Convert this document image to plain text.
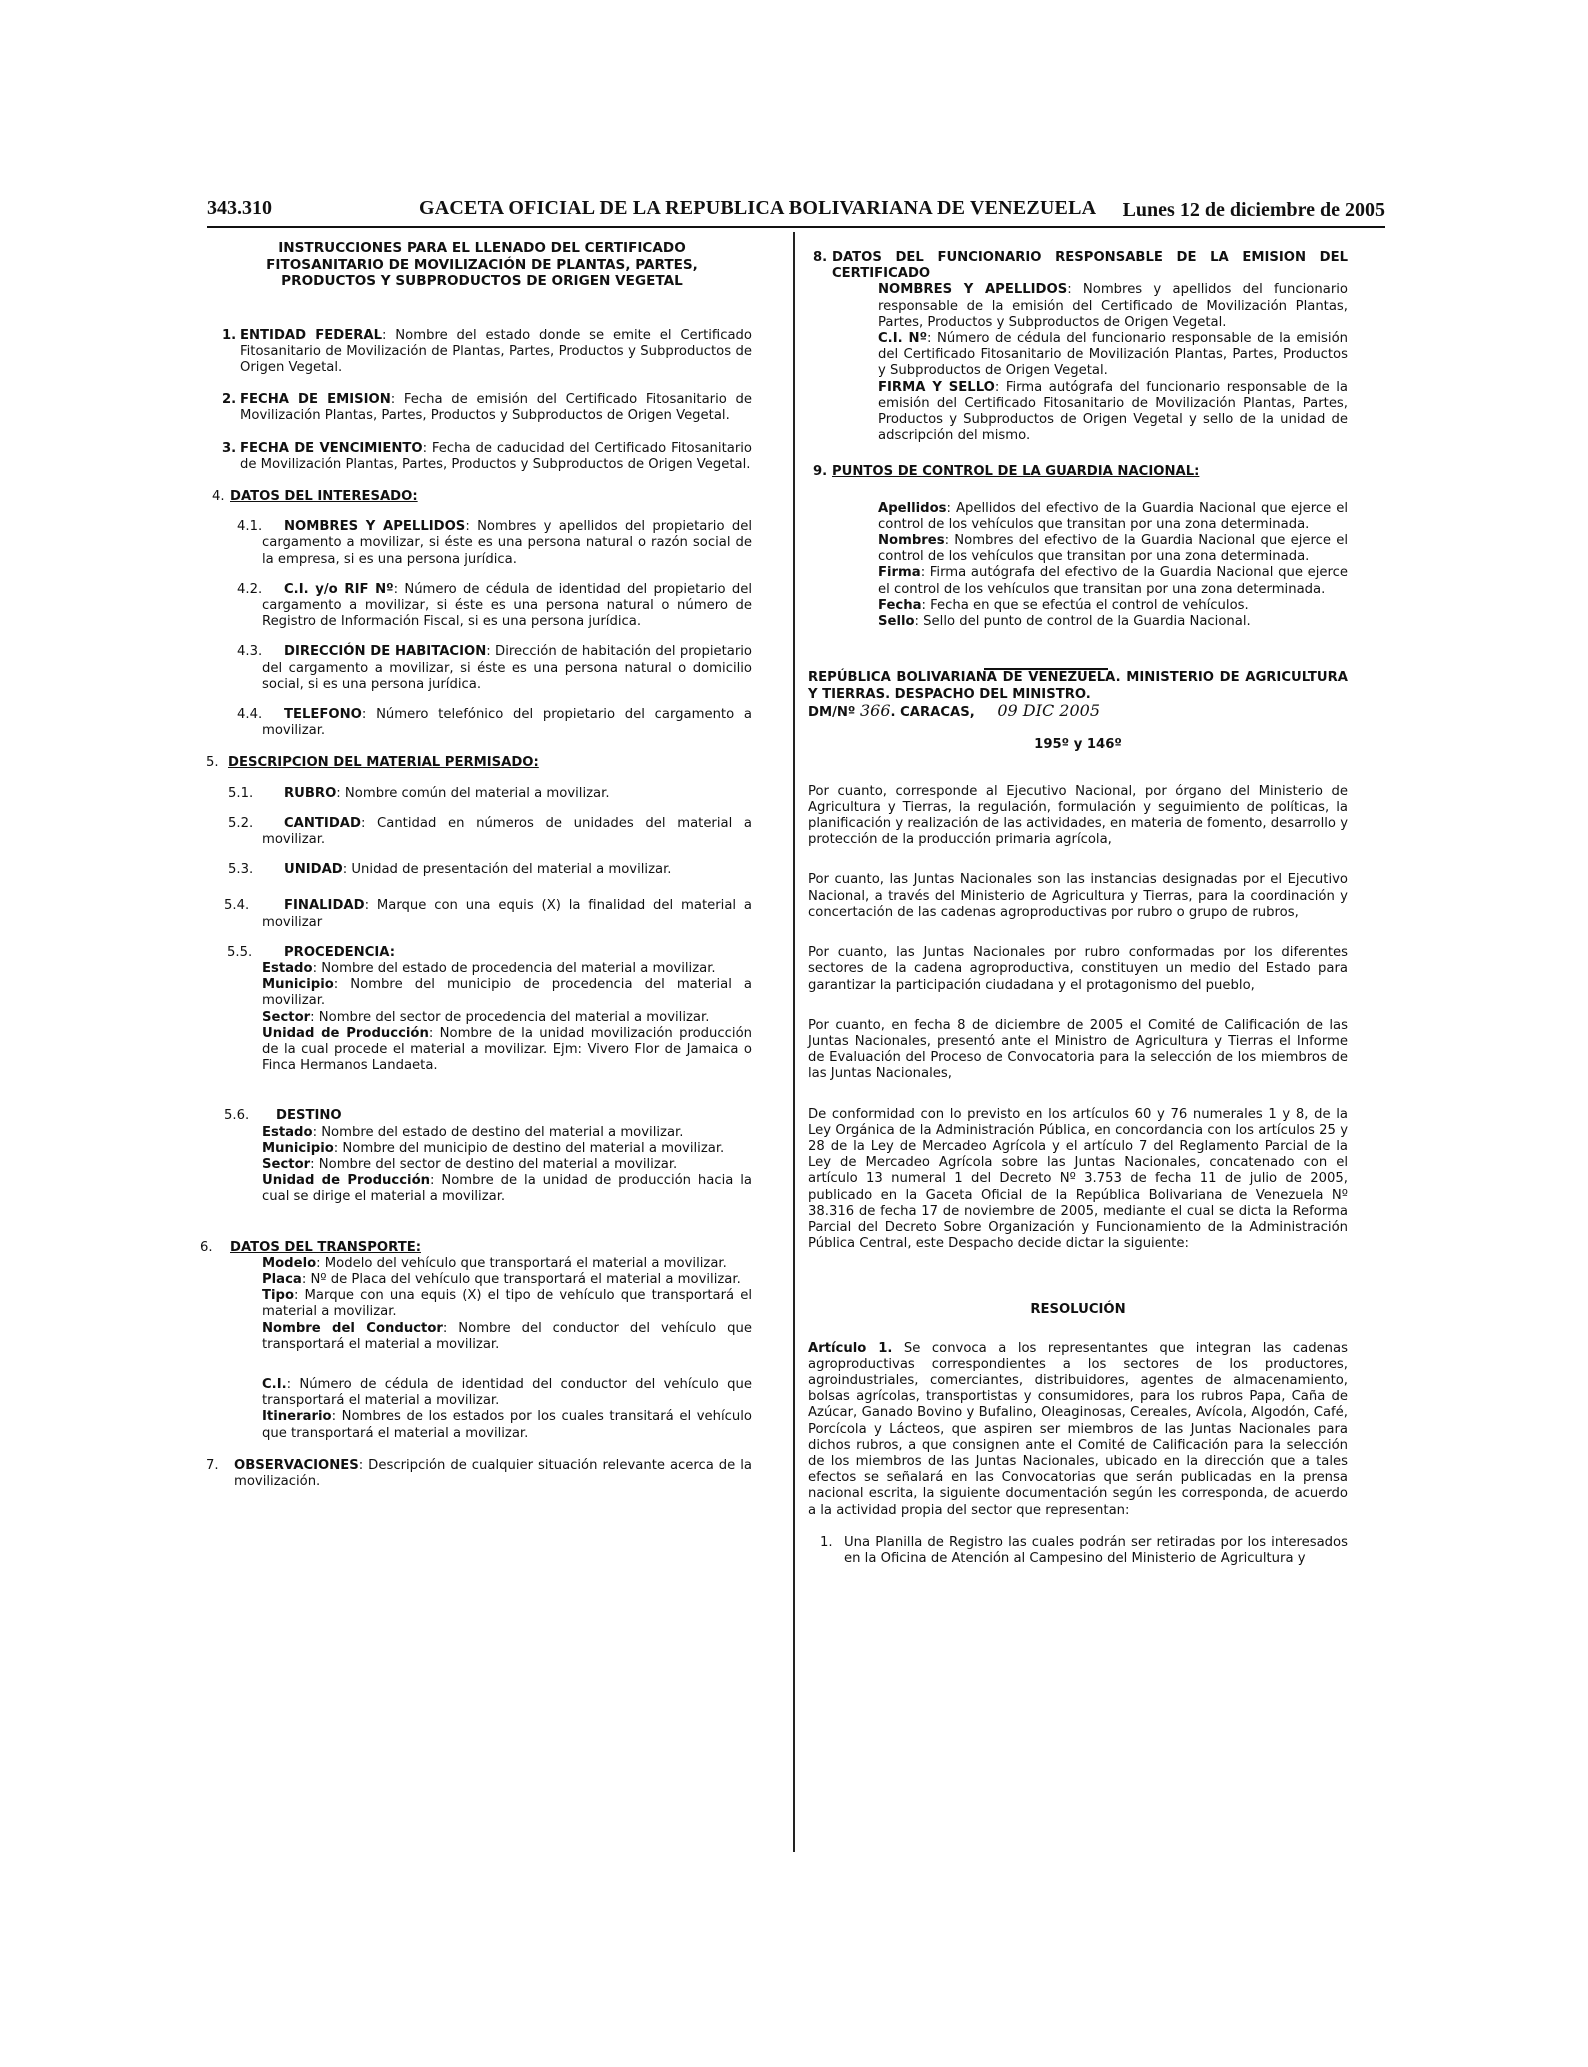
343.310	GACETA OFICIAL DE LA REPUBLICA BOLIVARIANA DE VENEZUELA Lunes 12 de diciembre de 2005

INSTRUCCIONES PARA EL LLENADO DEL CERTIFICADO FITOSANITARIO DE MOVILIZACIÓN DE PLANTAS, PARTES, PRODUCTOS Y SUBPRODUCTOS DE ORIGEN VEGETAL

1. ENTIDAD FEDERAL: Nombre del estado donde se emite el Certificado Fitosanitario de Movilización de Plantas, Partes, Productos y Subproductos de Origen Vegetal.

2. FECHA DE EMISION: Fecha de emisión del Certificado Fitosanitario de Movilización Plantas, Partes, Productos y Subproductos de Origen Vegetal.

3. FECHA DE VENCIMIENTO: Fecha de caducidad del Certificado Fitosanitario de Movilización Plantas, Partes, Productos y Subproductos de Origen Vegetal.

4. DATOS DEL INTERESADO:

4.1.	NOMBRES Y APELLIDOS: Nombres y apellidos del propietario del cargamento a movilizar, si éste es una persona natural o razón social de la empresa, si es una persona jurídica.

4.2.	C.I. y/o RIF Nº: Número de cédula de identidad del propietario del cargamento a movilizar, si éste es una persona natural o número de Registro de Información Fiscal, si es una persona jurídica.

4.3.	DIRECCIÓN DE HABITACION: Dirección de habitación del propietario del cargamento a movilizar, si éste es una persona natural o domicilio social, si es una persona jurídica.

4.4.	TELEFONO: Número telefónico del propietario del cargamento a movilizar.

5. DESCRIPCION DEL MATERIAL PERMISADO:

5.1.	RUBRO: Nombre común del material a movilizar.

5.2.	CANTIDAD: Cantidad en números de unidades del material a movilizar.

5.3.	UNIDAD: Unidad de presentación del material a movilizar.

5.4.	FINALIDAD: Marque con una equis (X) la finalidad del material a movilizar

5.5. PROCEDENCIA:

Estado: Nombre del estado de procedencia del material a movilizar.

Municipio: Nombre del municipio de procedencia del material a movilizar.

Sector: Nombre del sector de procedencia del material a movilizar.

Unidad de Producción: Nombre de la unidad movilización producción de la cual procede el material a movilizar. Ejm: Vivero Flor de Jamaica o Finca Hermanos Landaeta.

5.6. DESTINO

Estado: Nombre del estado de destino del material a movilizar.

Municipio: Nombre del municipio de destino del material a movilizar.

Sector: Nombre del sector de destino del material a movilizar.

Unidad de Producción: Nombre de la unidad de producción hacia la cual se dirige el material a movilizar.

6. DATOS DEL TRANSPORTE:

Modelo: Modelo del vehículo que transportará el material a movilizar.

Placa: Nº de Placa del vehículo que transportará el material a movilizar.

Tipo: Marque con una equis (X) el tipo de vehículo que transportará el material a movilizar.

Nombre del Conductor: Nombre del conductor del vehículo que transportará el material a movilizar.

C.I.: Número de cédula de identidad del conductor del vehículo que transportará el material a movilizar.

Itinerario: Nombres de los estados por los cuales transitará el vehículo que transportará el material a movilizar.

7. OBSERVACIONES: Descripción de cualquier situación relevante acerca de la movilización.

8. DATOS DEL FUNCIONARIO RESPONSABLE DE LA EMISION DEL CERTIFICADO

NOMBRES Y APELLIDOS: Nombres y apellidos del funcionario responsable de la emisión del Certificado de Movilización Plantas, Partes, Productos y Subproductos de Origen Vegetal.

C.I. Nº: Número de cédula del funcionario responsable de la emisión del Certificado Fitosanitario de Movilización Plantas, Partes, Productos y Subproductos de Origen Vegetal.

FIRMA Y SELLO: Firma autógrafa del funcionario responsable de la emisión del Certificado Fitosanitario de Movilización Plantas, Partes, Productos y Subproductos de Origen Vegetal y sello de la unidad de adscripción del mismo.

9. PUNTOS DE CONTROL DE LA GUARDIA NACIONAL:

Apellidos: Apellidos del efectivo de la Guardia Nacional que ejerce el control de los vehículos que transitan por una zona determinada.

Nombres: Nombres del efectivo de la Guardia Nacional que ejerce el control de los vehículos que transitan por una zona determinada.

Firma: Firma autógrafa del efectivo de la Guardia Nacional que ejerce el control de los vehículos que transitan por una zona determinada.

Fecha: Fecha en que se efectúa el control de vehículos.

Sello: Sello del punto de control de la Guardia Nacional.

REPÚBLICA BOLIVARIANA DE VENEZUELA. MINISTERIO DE AGRICULTURA Y TIERRAS. DESPACHO DEL MINISTRO.

DM/Nº 366. CARACAS, 09 DIC 2005

195º y 146º

Por cuanto, corresponde al Ejecutivo Nacional, por órgano del Ministerio de Agricultura y Tierras, la regulación, formulación y seguimiento de políticas, la planificación y realización de las actividades, en materia de fomento, desarrollo y protección de la producción primaria agrícola,

Por cuanto, las Juntas Nacionales son las instancias designadas por el Ejecutivo Nacional, a través del Ministerio de Agricultura y Tierras, para la coordinación y concertación de las cadenas agroproductivas por rubro o grupo de rubros,

Por cuanto, las Juntas Nacionales por rubro conformadas por los diferentes sectores de la cadena agroproductiva, constituyen un medio del Estado para garantizar la participación ciudadana y el protagonismo del pueblo,

Por cuanto, en fecha 8 de diciembre de 2005 el Comité de Calificación de las Juntas Nacionales, presentó ante el Ministro de Agricultura y Tierras el Informe de Evaluación del Proceso de Convocatoria para la selección de los miembros de las Juntas Nacionales,

De conformidad con lo previsto en los artículos 60 y 76 numerales 1 y 8, de la Ley Orgánica de la Administración Pública, en concordancia con los artículos 25 y 28 de la Ley de Mercadeo Agrícola y el artículo 7 del Reglamento Parcial de la Ley de Mercadeo Agrícola sobre las Juntas Nacionales, concatenado con el artículo 13 numeral 1 del Decreto Nº 3.753 de fecha 11 de julio de 2005, publicado en la Gaceta Oficial de la República Bolivariana de Venezuela Nº 38.316 de fecha 17 de noviembre de 2005, mediante el cual se dicta la Reforma Parcial del Decreto Sobre Organización y Funcionamiento de la Administración Pública Central, este Despacho decide dictar la siguiente:

RESOLUCIÓN

Artículo 1. Se convoca a los representantes que integran las cadenas agroproductivas correspondientes a los sectores de los productores, agroindustriales, comerciantes, distribuidores, agentes de almacenamiento, bolsas agrícolas, transportistas y consumidores, para los rubros Papa, Caña de Azúcar, Ganado Bovino y Bufalino, Oleaginosas, Cereales, Avícola, Algodón, Café, Porcícola y Lácteos, que aspiren ser miembros de las Juntas Nacionales para dichos rubros, a que consignen ante el Comité de Calificación para la selección de los miembros de las Juntas Nacionales, ubicado en la dirección que a tales efectos se señalará en las Convocatorias que serán publicadas en la prensa nacional escrita, la siguiente documentación según les corresponda, de acuerdo a la actividad propia del sector que representan:

1. Una Planilla de Registro las cuales podrán ser retiradas por los interesados en la Oficina de Atención al Campesino del Ministerio de Agricultura y
